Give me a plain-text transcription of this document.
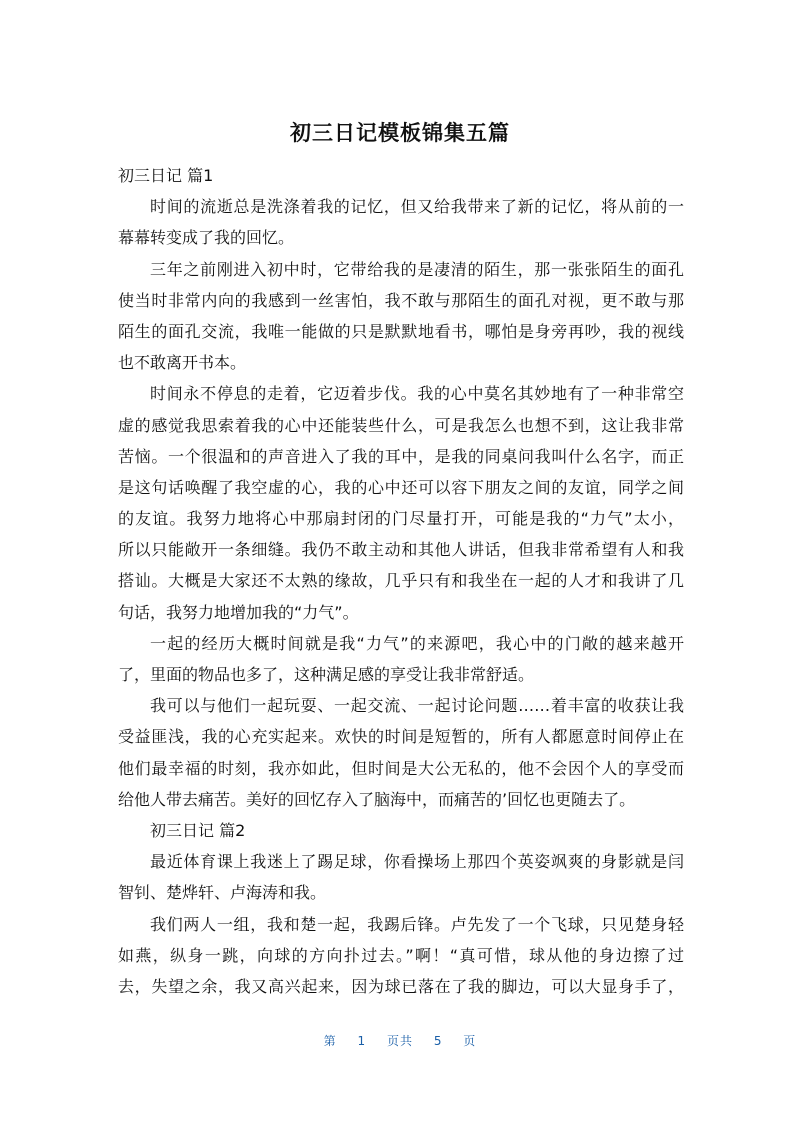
初三日记模板锦集五篇
初三日记 篇1
时间的流逝总是洗涤着我的记忆，但又给我带来了新的记忆，将从前的一
幕幕转变成了我的回忆。
三年之前刚进入初中时，它带给我的是凄清的陌生，那一张张陌生的面孔
使当时非常内向的我感到一丝害怕，我不敢与那陌生的面孔对视，更不敢与那
陌生的面孔交流，我唯一能做的只是默默地看书，哪怕是身旁再吵，我的视线
也不敢离开书本。
时间永不停息的走着，它迈着步伐。我的心中莫名其妙地有了一种非常空
虚的感觉我思索着我的心中还能装些什么，可是我怎么也想不到，这让我非常
苦恼。一个很温和的声音进入了我的耳中，是我的同桌问我叫什么名字，而正
是这句话唤醒了我空虚的心，我的心中还可以容下朋友之间的友谊，同学之间
的友谊。我努力地将心中那扇封闭的门尽量打开，可能是我的“力气”太小，
所以只能敞开一条细缝。我仍不敢主动和其他人讲话，但我非常希望有人和我
搭讪。大概是大家还不太熟的缘故，几乎只有和我坐在一起的人才和我讲了几
句话，我努力地增加我的“力气”。
一起的经历大概时间就是我“力气”的来源吧，我心中的门敞的越来越开
了，里面的物品也多了，这种满足感的享受让我非常舒适。
我可以与他们一起玩耍、一起交流、一起讨论问题……着丰富的收获让我
受益匪浅，我的心充实起来。欢快的时间是短暂的，所有人都愿意时间停止在
他们最幸福的时刻，我亦如此，但时间是大公无私的，他不会因个人的享受而
给他人带去痛苦。美好的回忆存入了脑海中，而痛苦的’回忆也更随去了。
初三日记 篇2
最近体育课上我迷上了踢足球，你看操场上那四个英姿飒爽的身影就是闫
智钊、楚烨轩、卢海涛和我。
我们两人一组，我和楚一起，我踢后锋。卢先发了一个飞球，只见楚身轻
如燕，纵身一跳，向球的方向扑过去。”啊！“真可惜，球从他的身边擦了过
去，失望之余，我又高兴起来，因为球已落在了我的脚边，可以大显身手了，
第 1 页共 5 页
